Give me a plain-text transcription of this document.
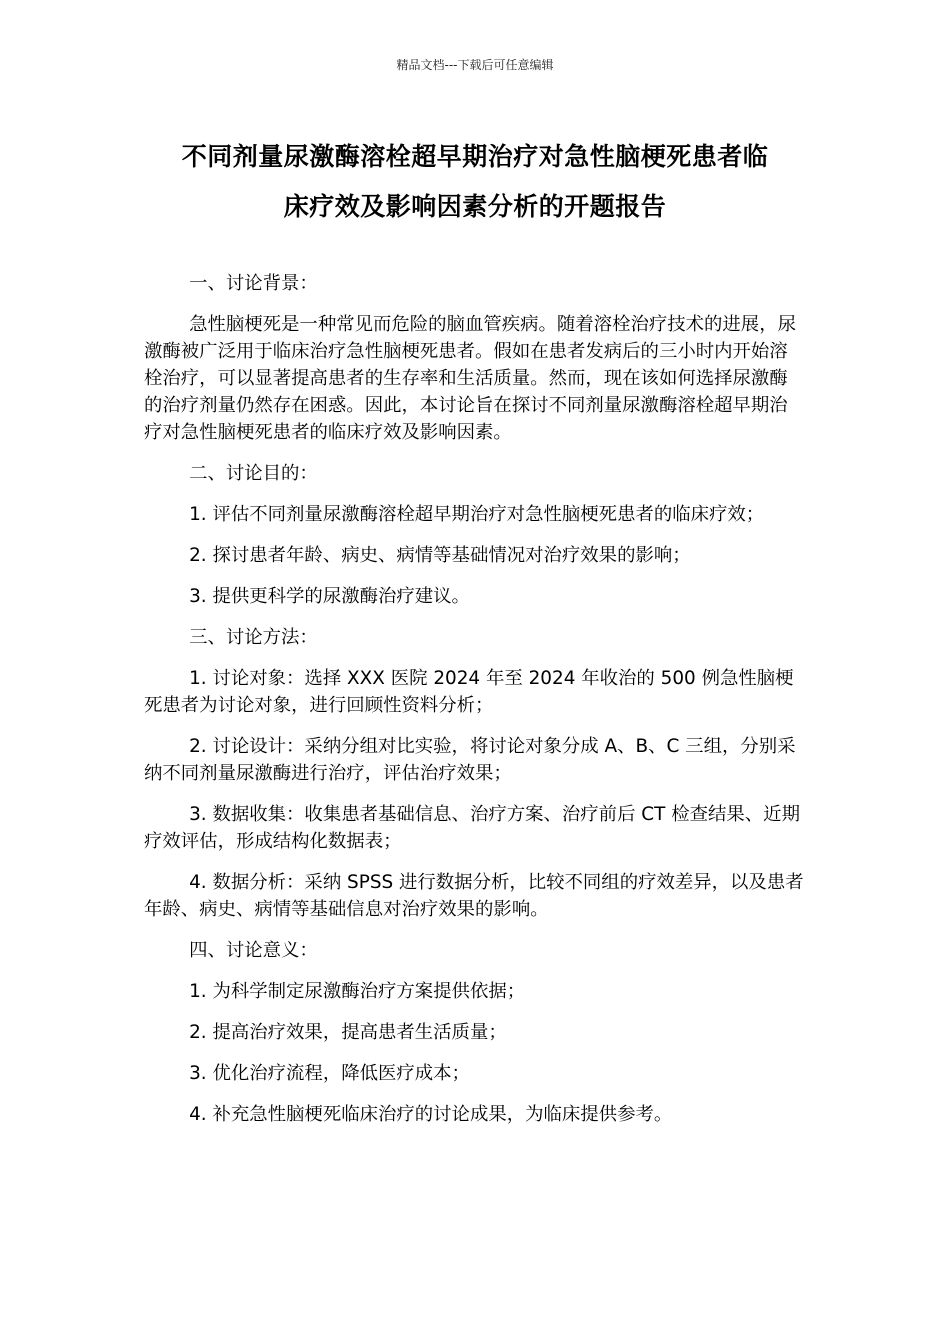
精品文档---下载后可任意编辑
不同剂量尿激酶溶栓超早期治疗对急性脑梗死患者临
床疗效及影响因素分析的开题报告

一、讨论背景：

急性脑梗死是一种常见而危险的脑血管疾病。随着溶栓治疗技术的进展，尿激酶被广泛用于临床治疗急性脑梗死患者。假如在患者发病后的三小时内开始溶栓治疗，可以显著提高患者的生存率和生活质量。然而，现在该如何选择尿激酶的治疗剂量仍然存在困惑。因此，本讨论旨在探讨不同剂量尿激酶溶栓超早期治疗对急性脑梗死患者的临床疗效及影响因素。

二、讨论目的：

1. 评估不同剂量尿激酶溶栓超早期治疗对急性脑梗死患者的临床疗效；

2. 探讨患者年龄、病史、病情等基础情况对治疗效果的影响；

3. 提供更科学的尿激酶治疗建议。

三、讨论方法：

1. 讨论对象：选择 XXX 医院 2024 年至 2024 年收治的 500 例急性脑梗死患者为讨论对象，进行回顾性资料分析；

2. 讨论设计：采纳分组对比实验，将讨论对象分成 A、B、C 三组，分别采纳不同剂量尿激酶进行治疗，评估治疗效果；

3. 数据收集：收集患者基础信息、治疗方案、治疗前后 CT 检查结果、近期疗效评估，形成结构化数据表；

4. 数据分析：采纳 SPSS 进行数据分析，比较不同组的疗效差异，以及患者年龄、病史、病情等基础信息对治疗效果的影响。

四、讨论意义：

1. 为科学制定尿激酶治疗方案提供依据；

2. 提高治疗效果，提高患者生活质量；

3. 优化治疗流程，降低医疗成本；

4. 补充急性脑梗死临床治疗的讨论成果，为临床提供参考。
